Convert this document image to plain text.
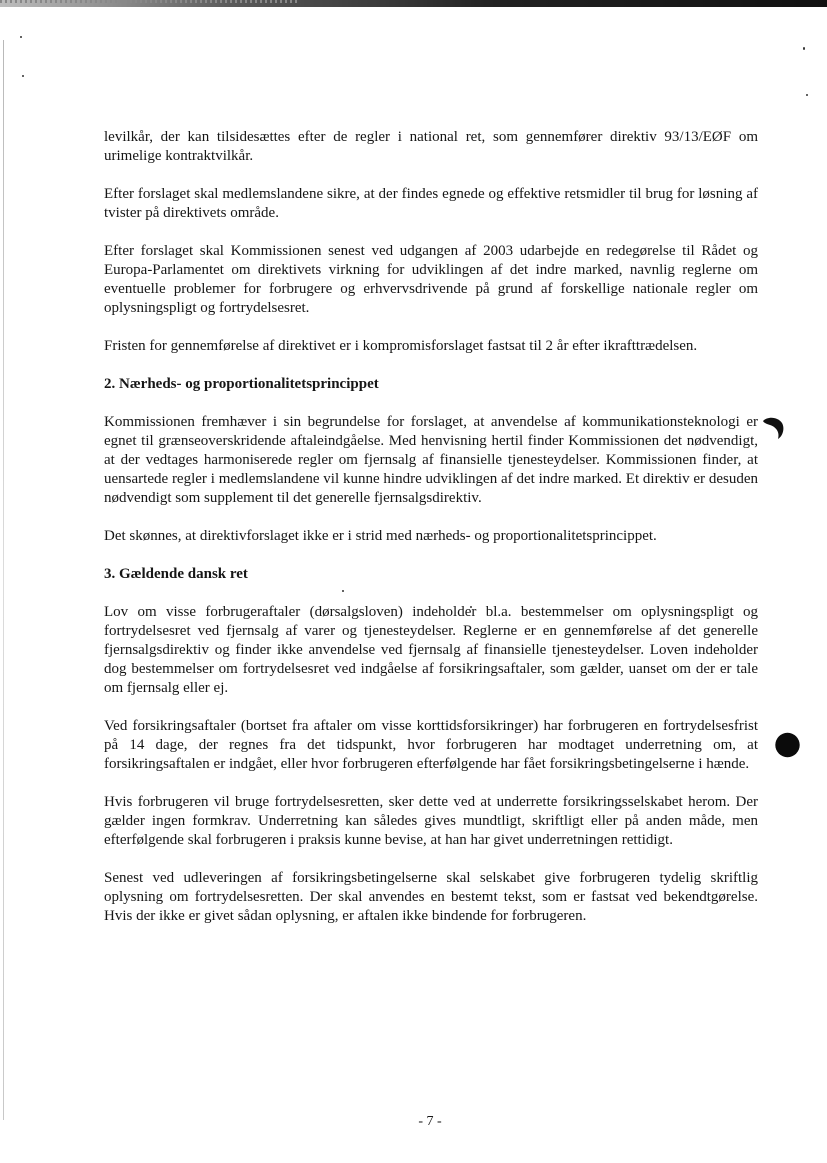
levilkår, der kan tilsidesættes efter de regler i national ret, som gennemfører direktiv 93/13/EØF om urimelige kontraktvilkår.

Efter forslaget skal medlemslandene sikre, at der findes egnede og effektive retsmidler til brug for løsning af tvister på direktivets område.

Efter forslaget skal Kommissionen senest ved udgangen af 2003 udarbejde en redegørelse til Rådet og Europa-Parlamentet om direktivets virkning for udviklingen af det indre marked, navnlig reglerne om eventuelle problemer for forbrugere og erhvervsdrivende på grund af forskellige nationale regler om oplysningspligt og fortrydelsesret.

Fristen for gennemførelse af direktivet er i kompromisforslaget fastsat til 2 år efter ikrafttrædelsen.

2. Nærheds- og proportionalitetsprincippet

Kommissionen fremhæver i sin begrundelse for forslaget, at anvendelse af kommunikationsteknologi er egnet til grænseoverskridende aftaleindgåelse. Med henvisning hertil finder Kommissionen det nødvendigt, at der vedtages harmoniserede regler om fjernsalg af finansielle tjenesteydelser. Kommissionen finder, at uensartede regler i medlemslandene vil kunne hindre udviklingen af det indre marked. Et direktiv er desuden nødvendigt som supplement til det generelle fjernsalgsdirektiv.

Det skønnes, at direktivforslaget ikke er i strid med nærheds- og proportionalitetsprincippet.

3. Gældende dansk ret

Lov om visse forbrugeraftaler (dørsalgsloven) indeholder bl.a. bestemmelser om oplysningspligt og fortrydelsesret ved fjernsalg af varer og tjenesteydelser. Reglerne er en gennemførelse af det generelle fjernsalgsdirektiv og finder ikke anvendelse ved fjernsalg af finansielle tjenesteydelser. Loven indeholder dog bestemmelser om fortrydelsesret ved indgåelse af forsikringsaftaler, som gælder, uanset om der er tale om fjernsalg eller ej.

Ved forsikringsaftaler (bortset fra aftaler om visse korttidsforsikringer) har forbrugeren en fortrydelsesfrist på 14 dage, der regnes fra det tidspunkt, hvor forbrugeren har modtaget underretning om, at forsikringsaftalen er indgået, eller hvor forbrugeren efterfølgende har fået forsikringsbetingelserne i hænde.

Hvis forbrugeren vil bruge fortrydelsesretten, sker dette ved at underrette forsikringsselskabet herom. Der gælder ingen formkrav. Underretning kan således gives mundtligt, skriftligt eller på anden måde, men efterfølgende skal forbrugeren i praksis kunne bevise, at han har givet underretningen rettidigt.

Senest ved udleveringen af forsikringsbetingelserne skal selskabet give forbrugeren tydelig skriftlig oplysning om fortrydelsesretten. Der skal anvendes en bestemt tekst, som er fastsat ved bekendtgørelse. Hvis der ikke er givet sådan oplysning, er aftalen ikke bindende for forbrugeren.

- 7 -
